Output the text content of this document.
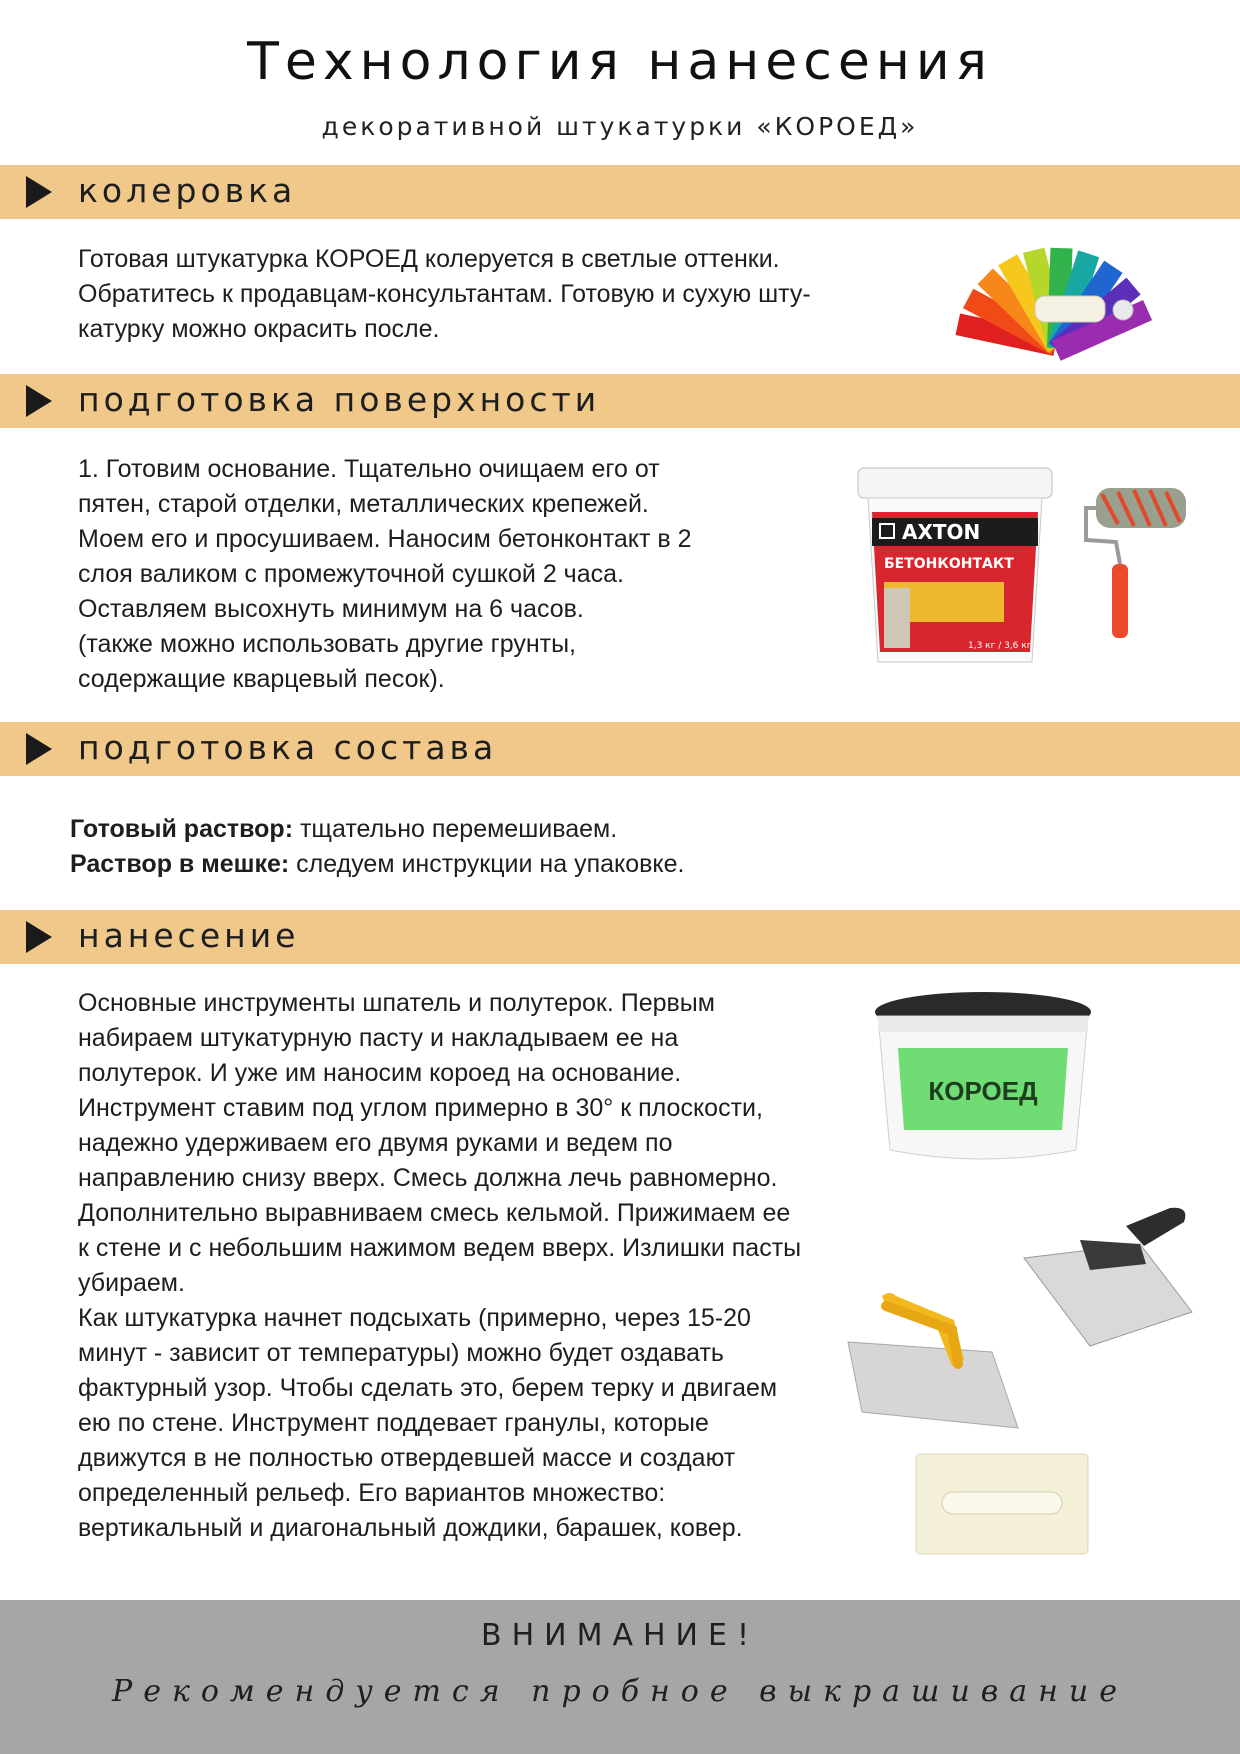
Технология нанесения
декоративной штукатурки «КОРОЕД»
колеровка

Готовая штукатурка КОРОЕД колеруется в светлые оттенки.

Обратитесь к продавцам-консультантам. Готовую и сухую шту-

катурку можно окрасить после.

подготовка поверхности

1. Готовим основание. Тщательно очищаем его от

пятен, старой отделки, металлических крепежей.

Моем его и просушиваем. Наносим бетонконтакт в 2

слоя валиком с промежуточной сушкой 2 часа.

Оставляем высохнуть минимум на 6 часов.

(также можно использовать другие грунты,

содержащие кварцевый песок).

AXTON
БЕТОНКОНТАКТ
1,3 кг / 3,6 кг
подготовка состава

Готовый раствор: тщательно перемешиваем.

Раствор в мешке: следуем инструкции на упаковке.

нанесение

Основные инструменты шпатель и полутерок. Первым

набираем штукатурную пасту и накладываем ее на

полутерок. И уже им наносим короед на основание.

Инструмент ставим под углом примерно в 30° к плоскости,

надежно удерживаем его двумя руками и ведем по

направлению снизу вверх. Смесь должна лечь равномерно.

Дополнительно выравниваем смесь кельмой. Прижимаем ее

к стене и с небольшим нажимом ведем вверх. Излишки пасты

убираем.

Как штукатурка начнет подсыхать (примерно, через 15-20

минут - зависит от температуры) можно будет оздавать

фактурный узор. Чтобы сделать это, берем терку и двигаем

ею по стене. Инструмент поддевает гранулы, которые

движутся в не полностью отвердевшей массе и создают

определенный рельеф. Его вариантов множество:

вертикальный и диагональный дождики, барашек, ковер.

КОРОЕД
ВНИМАНИЕ!
Рекомендуется пробное выкрашивание
